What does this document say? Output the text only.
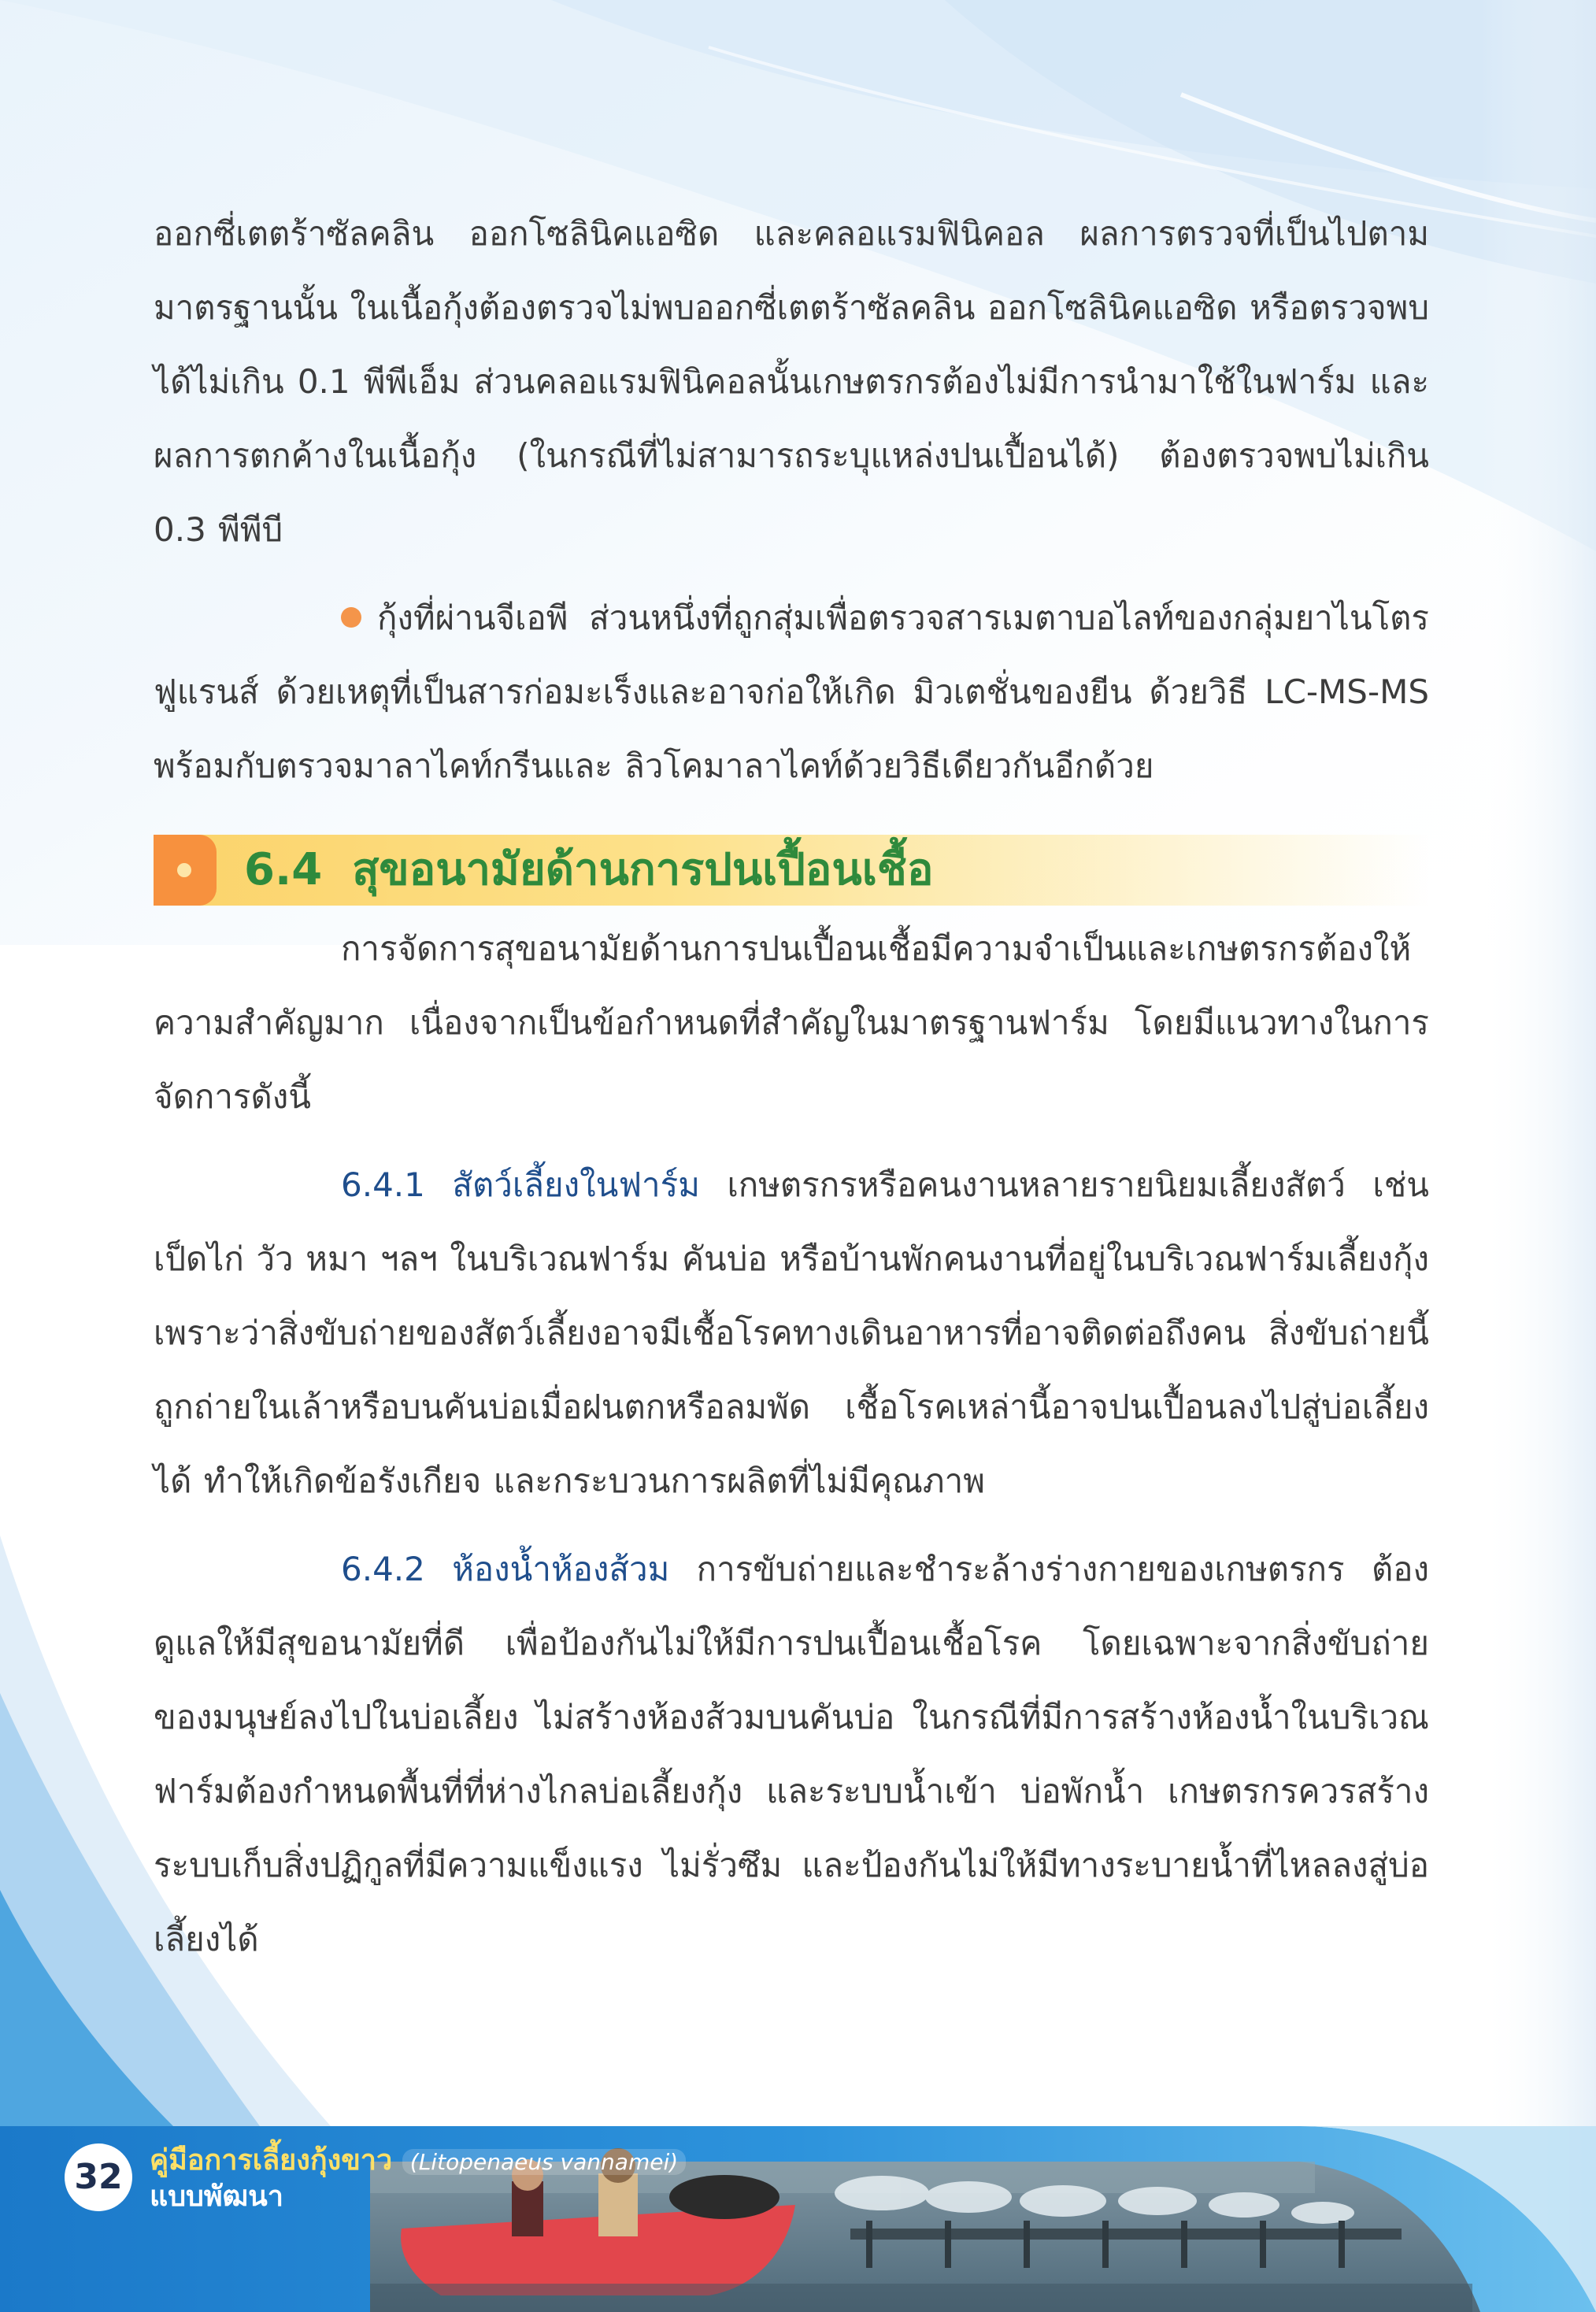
ออกซี่เตตร้าซัลคลิน ออกโซลินิคแอซิด และคลอแรมฟินิคอล ผลการตรวจที่เป็นไปตามมาตรฐานนั้น ในเนื้อกุ้งต้องตรวจไม่พบออกซี่เตตร้าซัลคลิน ออกโซลินิคแอซิด หรือตรวจพบได้ไม่เกิน 0.1 พีพีเอ็ม ส่วนคลอแรมฟินิคอลนั้นเกษตรกรต้องไม่มีการนำมาใช้ในฟาร์ม และผลการตกค้างในเนื้อกุ้ง (ในกรณีที่ไม่สามารถระบุแหล่งปนเปื้อนได้) ต้องตรวจพบไม่เกิน 0.3 พีพีบี

กุ้งที่ผ่านจีเอพี ส่วนหนึ่งที่ถูกสุ่มเพื่อตรวจสารเมตาบอไลท์ของกลุ่มยาไนโตรฟูแรนส์ ด้วยเหตุที่เป็นสารก่อมะเร็งและอาจก่อให้เกิด มิวเตชั่นของยีน ด้วยวิธี LC-MS-MS พร้อมกับตรวจมาลาไคท์กรีนและ ลิวโคมาลาไคท์ด้วยวิธีเดียวกันอีกด้วย

6.4 สุขอนามัยด้านการปนเปื้อนเชื้อ

การจัดการสุขอนามัยด้านการปนเปื้อนเชื้อมีความจำเป็นและเกษตรกรต้องให้ความสำคัญมาก เนื่องจากเป็นข้อกำหนดที่สำคัญในมาตรฐานฟาร์ม โดยมีแนวทางในการจัดการดังนี้

6.4.1 สัตว์เลี้ยงในฟาร์ม เกษตรกรหรือคนงานหลายรายนิยมเลี้ยงสัตว์ เช่น เป็ดไก่ วัว หมา ฯลฯ ในบริเวณฟาร์ม คันบ่อ หรือบ้านพักคนงานที่อยู่ในบริเวณฟาร์มเลี้ยงกุ้ง เพราะว่าสิ่งขับถ่ายของสัตว์เลี้ยงอาจมีเชื้อโรคทางเดินอาหารที่อาจติดต่อถึงคน สิ่งขับถ่ายนี้ถูกถ่ายในเล้าหรือบนคันบ่อเมื่อฝนตกหรือลมพัด เชื้อโรคเหล่านี้อาจปนเปื้อนลงไปสู่บ่อเลี้ยงได้ ทำให้เกิดข้อรังเกียจ และกระบวนการผลิตที่ไม่มีคุณภาพ

6.4.2 ห้องน้ำห้องส้วม การขับถ่ายและชำระล้างร่างกายของเกษตรกร ต้องดูแลให้มีสุขอนามัยที่ดี เพื่อป้องกันไม่ให้มีการปนเปื้อนเชื้อโรค โดยเฉพาะจากสิ่งขับถ่ายของมนุษย์ลงไปในบ่อเลี้ยง ไม่สร้างห้องส้วมบนคันบ่อ ในกรณีที่มีการสร้างห้องน้ำในบริเวณฟาร์มต้องกำหนดพื้นที่ที่ห่างไกลบ่อเลี้ยงกุ้ง และระบบน้ำเข้า บ่อพักน้ำ เกษตรกรควรสร้างระบบเก็บสิ่งปฏิกูลที่มีความแข็งแรง ไม่รั่วซึม และป้องกันไม่ให้มีทางระบายน้ำที่ไหลลงสู่บ่อเลี้ยงได้

32 คู่มือการเลี้ยงกุ้งขาว (Litopenaeus vannamei)
แบบพัฒนา
